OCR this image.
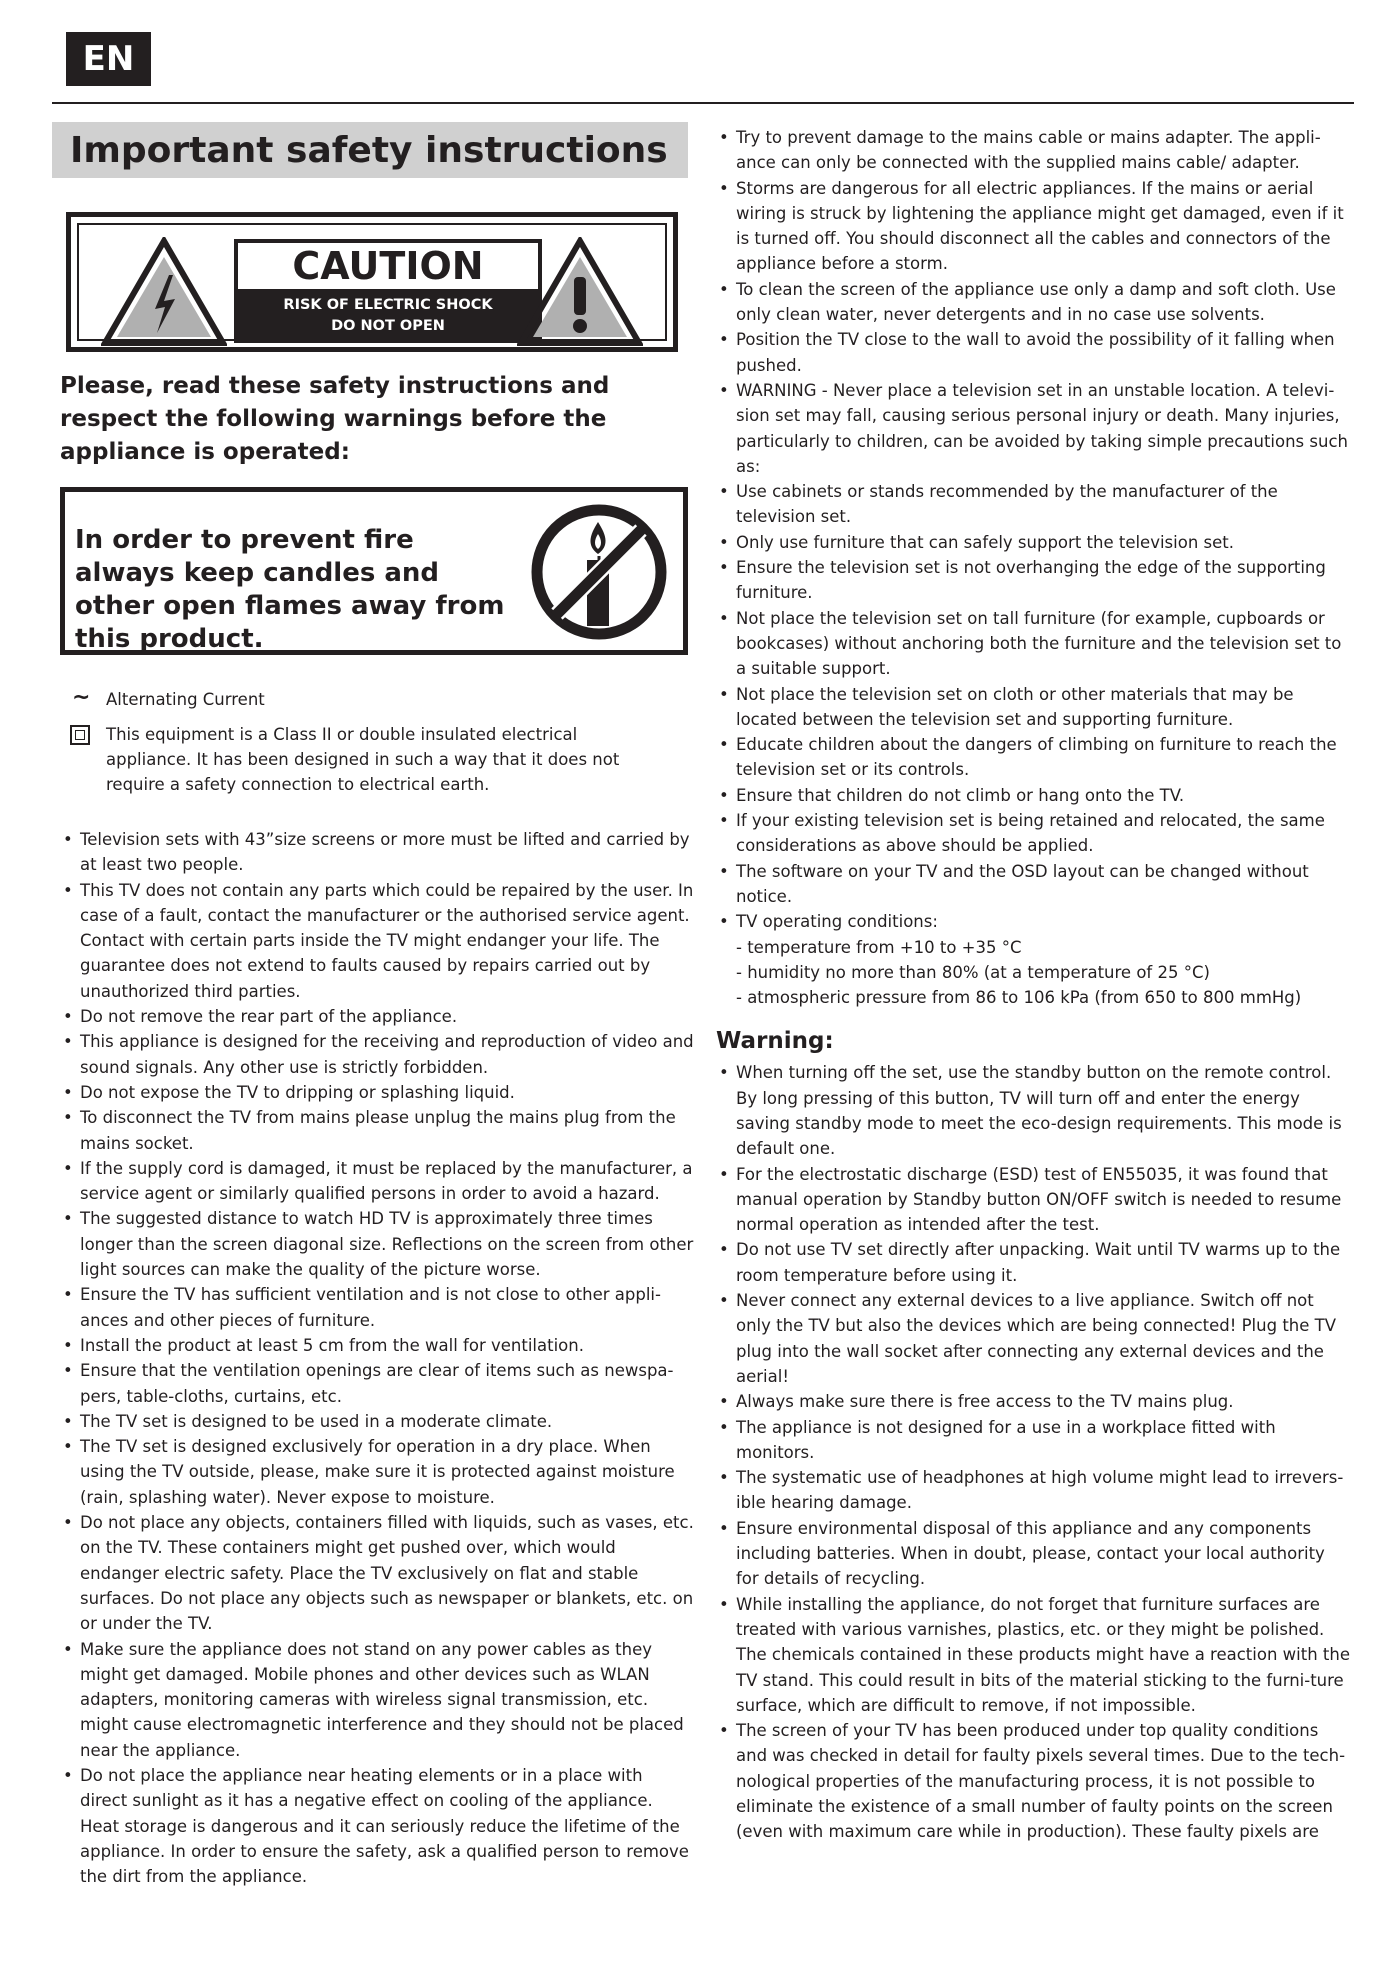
EN
Important safety instructions
CAUTION
RISK OF ELECTRIC SHOCK
DO NOT OPEN
Please, read these safety instructions and respect the following warnings before the appliance is operated:
In order to prevent fire always keep candles and other open flames away from this product.
~ Alternating Current
This equipment is a Class II or double insulated electrical appliance. It has been designed in such a way that it does not require a safety connection to electrical earth.
• Television sets with 43”size screens or more must be lifted and carried by at least two people.
• This TV does not contain any parts which could be repaired by the user. In case of a fault, contact the manufacturer or the authorised service agent. Contact with certain parts inside the TV might endanger your life. The guarantee does not extend to faults caused by repairs carried out by unauthorized third parties.
• Do not remove the rear part of the appliance.
• This appliance is designed for the receiving and reproduction of video and sound signals. Any other use is strictly forbidden.
• Do not expose the TV to dripping or splashing liquid.
• To disconnect the TV from mains please unplug the mains plug from the mains socket.
• If the supply cord is damaged, it must be replaced by the manufacturer, a service agent or similarly qualified persons in order to avoid a hazard.
• The suggested distance to watch HD TV is approximately three times longer than the screen diagonal size. Reflections on the screen from other light sources can make the quality of the picture worse.
• Ensure the TV has sufficient ventilation and is not close to other appli-ances and other pieces of furniture.
• Install the product at least 5 cm from the wall for ventilation.
• Ensure that the ventilation openings are clear of items such as newspa-pers, table-cloths, curtains, etc.
• The TV set is designed to be used in a moderate climate.
• The TV set is designed exclusively for operation in a dry place. When using the TV outside, please, make sure it is protected against moisture (rain, splashing water). Never expose to moisture.
• Do not place any objects, containers filled with liquids, such as vases, etc. on the TV. These containers might get pushed over, which would endanger electric safety. Place the TV exclusively on flat and stable surfaces. Do not place any objects such as newspaper or blankets, etc. on or under the TV.
• Make sure the appliance does not stand on any power cables as they might get damaged. Mobile phones and other devices such as WLAN adapters, monitoring cameras with wireless signal transmission, etc. might cause electromagnetic interference and they should not be placed near the appliance.
• Do not place the appliance near heating elements or in a place with direct sunlight as it has a negative effect on cooling of the appliance. Heat storage is dangerous and it can seriously reduce the lifetime of the appliance. In order to ensure the safety, ask a qualified person to remove the dirt from the appliance.
• Try to prevent damage to the mains cable or mains adapter. The appli-ance can only be connected with the supplied mains cable/ adapter.
• Storms are dangerous for all electric appliances. If the mains or aerial wiring is struck by lightening the appliance might get damaged, even if it is turned off. You should disconnect all the cables and connectors of the appliance before a storm.
• To clean the screen of the appliance use only a damp and soft cloth. Use only clean water, never detergents and in no case use solvents.
• Position the TV close to the wall to avoid the possibility of it falling when pushed.
• WARNING - Never place a television set in an unstable location. A televi-sion set may fall, causing serious personal injury or death. Many injuries, particularly to children, can be avoided by taking simple precautions such as:
• Use cabinets or stands recommended by the manufacturer of the television set.
• Only use furniture that can safely support the television set.
• Ensure the television set is not overhanging the edge of the supporting furniture.
• Not place the television set on tall furniture (for example, cupboards or bookcases) without anchoring both the furniture and the television set to a suitable support.
• Not place the television set on cloth or other materials that may be located between the television set and supporting furniture.
• Educate children about the dangers of climbing on furniture to reach the television set or its controls.
• Ensure that children do not climb or hang onto the TV.
• If your existing television set is being retained and relocated, the same considerations as above should be applied.
• The software on your TV and the OSD layout can be changed without notice.
• TV operating conditions:
- temperature from +10 to +35 °C
- humidity no more than 80% (at a temperature of 25 °C)
- atmospheric pressure from 86 to 106 kPa (from 650 to 800 mmHg)
Warning:
• When turning off the set, use the standby button on the remote control. By long pressing of this button, TV will turn off and enter the energy saving standby mode to meet the eco-design requirements. This mode is default one.
• For the electrostatic discharge (ESD) test of EN55035, it was found that manual operation by Standby button ON/OFF switch is needed to resume normal operation as intended after the test.
• Do not use TV set directly after unpacking. Wait until TV warms up to the room temperature before using it.
• Never connect any external devices to a live appliance. Switch off not only the TV but also the devices which are being connected! Plug the TV plug into the wall socket after connecting any external devices and the aerial!
• Always make sure there is free access to the TV mains plug.
• The appliance is not designed for a use in a workplace fitted with monitors.
• The systematic use of headphones at high volume might lead to irrevers-ible hearing damage.
• Ensure environmental disposal of this appliance and any components including batteries. When in doubt, please, contact your local authority for details of recycling.
• While installing the appliance, do not forget that furniture surfaces are treated with various varnishes, plastics, etc. or they might be polished. The chemicals contained in these products might have a reaction with the TV stand. This could result in bits of the material sticking to the furni-ture surface, which are difficult to remove, if not impossible.
• The screen of your TV has been produced under top quality conditions and was checked in detail for faulty pixels several times. Due to the tech-nological properties of the manufacturing process, it is not possible to eliminate the existence of a small number of faulty points on the screen (even with maximum care while in production). These faulty pixels are
